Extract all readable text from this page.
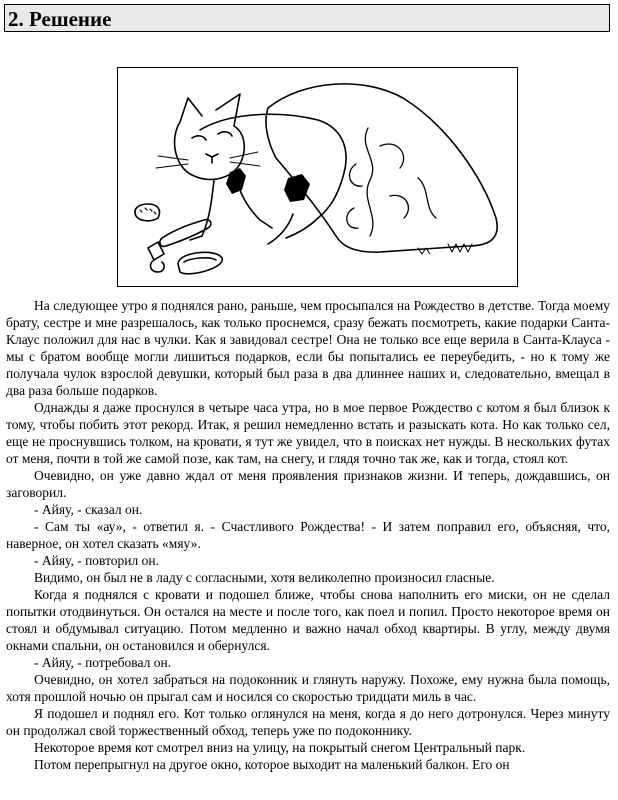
2. Решение

На следующее утро я поднялся рано, раньше, чем просыпался на Рождество в детстве. Тогда моему брату, сестре и мне разрешалось, как только проснемся, сразу бежать посмотреть, какие подарки Санта-Клаус положил для нас в чулки. Как я завидовал сестре! Она не только все еще верила в Санта-Клауса - мы с братом вообще могли лишиться подарков, если бы попытались ее переубедить, - но к тому же получала чулок взрослой девушки, который был раза в два длиннее наших и, следовательно, вмещал в два раза больше подарков.

Однажды я даже проснулся в четыре часа утра, но в мое первое Рождество с котом я был близок к тому, чтобы побить этот рекорд. Итак, я решил немедленно встать и разыскать кота. Но как только сел, еще не проснувшись толком, на кровати, я тут же увидел, что в поисках нет нужды. В нескольких футах от меня, почти в той же самой позе, как там, на снегу, и глядя точно так же, как и тогда, стоял кот.

Очевидно, он уже давно ждал от меня проявления признаков жизни. И теперь, дождавшись, он заговорил.

- Айяу, - сказал он.

- Сам ты «ау», - ответил я. - Счастливого Рождества! - И затем поправил его, объясняя, что, наверное, он хотел сказать «мяу».

- Айяу, - повторил он.

Видимо, он был не в ладу с согласными, хотя великолепно произносил гласные.

Когда я поднялся с кровати и подошел ближе, чтобы снова наполнить его миски, он не сделал попытки отодвинуться. Он остался на месте и после того, как поел и попил. Просто некоторое время он стоял и обдумывал ситуацию. Потом медленно и важно начал обход квартиры. В углу, между двумя окнами спальни, он остановился и обернулся.

- Айяу, - потребовал он.

Очевидно, он хотел забраться на подоконник и глянуть наружу. Похоже, ему нужна была помощь, хотя прошлой ночью он прыгал сам и носился со скоростью тридцати миль в час.

Я подошел и поднял его. Кот только оглянулся на меня, когда я до него дотронулся. Через минуту он продолжал свой торжественный обход, теперь уже по подоконнику.

Некоторое время кот смотрел вниз на улицу, на покрытый снегом Центральный парк.

Потом перепрыгнул на другое окно, которое выходит на маленький балкон. Его он
